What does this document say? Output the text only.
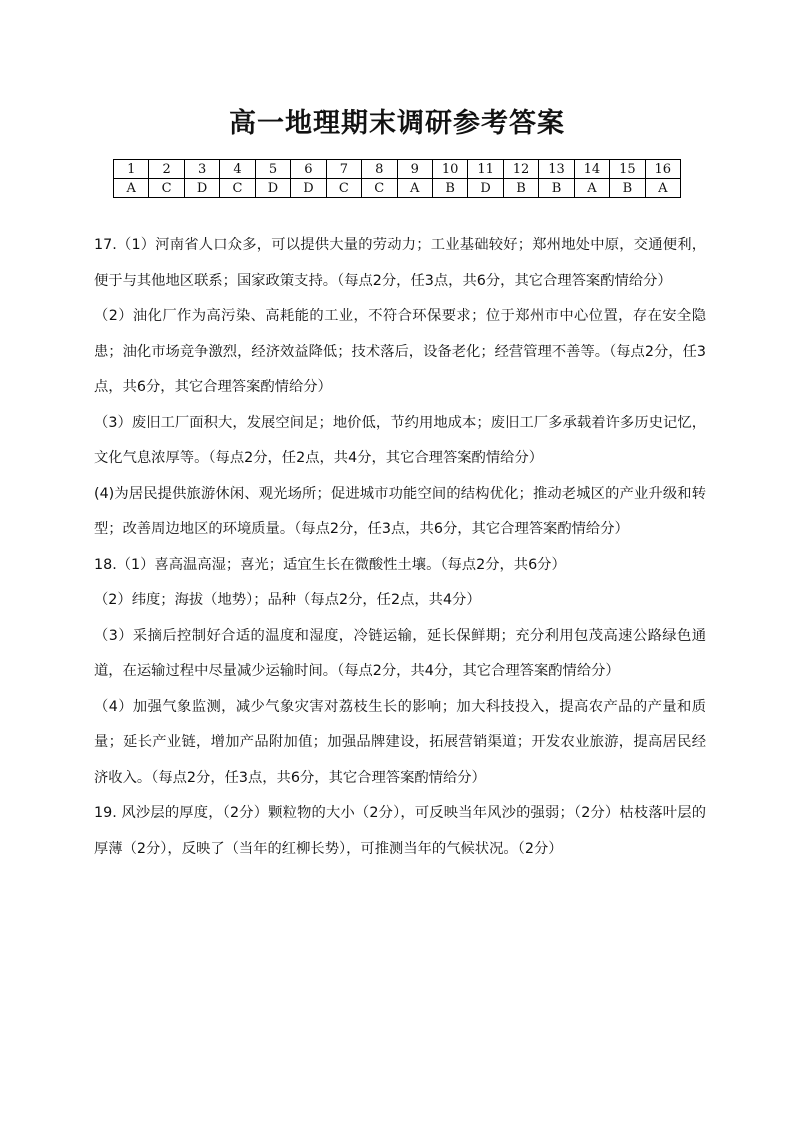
高一地理期末调研参考答案
1	2	3	4	5	6	7	8	9	10	11	12	13	14	15	16
A	C	D	C	D	D	C	C	A	B	D	B	B	A	B	A

17.（1）河南省人口众多，可以提供大量的劳动力；工业基础较好；郑州地处中原，交通便利，便于与其他地区联系；国家政策支持。（每点2分，任3点，共6分，其它合理答案酌情给分）

（2）油化厂作为高污染、高耗能的工业，不符合环保要求；位于郑州市中心位置，存在安全隐患；油化市场竞争激烈，经济效益降低；技术落后，设备老化；经营管理不善等。（每点2分，任3点，共6分，其它合理答案酌情给分）

（3）废旧工厂面积大，发展空间足；地价低，节约用地成本；废旧工厂多承载着许多历史记忆，文化气息浓厚等。（每点2分，任2点，共4分，其它合理答案酌情给分）

(4)为居民提供旅游休闲、观光场所；促进城市功能空间的结构优化；推动老城区的产业升级和转型；改善周边地区的环境质量。（每点2分，任3点，共6分，其它合理答案酌情给分）

18.（1）喜高温高湿；喜光；适宜生长在微酸性土壤。（每点2分，共6分）

（2）纬度；海拔（地势）；品种（每点2分，任2点，共4分）

（3）采摘后控制好合适的温度和湿度，冷链运输，延长保鲜期；充分利用包茂高速公路绿色通道，在运输过程中尽量减少运输时间。（每点2分，共4分，其它合理答案酌情给分）

（4）加强气象监测，减少气象灾害对荔枝生长的影响；加大科技投入，提高农产品的产量和质量；延长产业链，增加产品附加值；加强品牌建设，拓展营销渠道；开发农业旅游，提高居民经济收入。（每点2分，任3点，共6分，其它合理答案酌情给分）

19. 风沙层的厚度，（2分）颗粒物的大小（2分），可反映当年风沙的强弱；（2分）枯枝落叶层的厚薄（2分），反映了（当年的红柳长势），可推测当年的气候状况。（2分）
